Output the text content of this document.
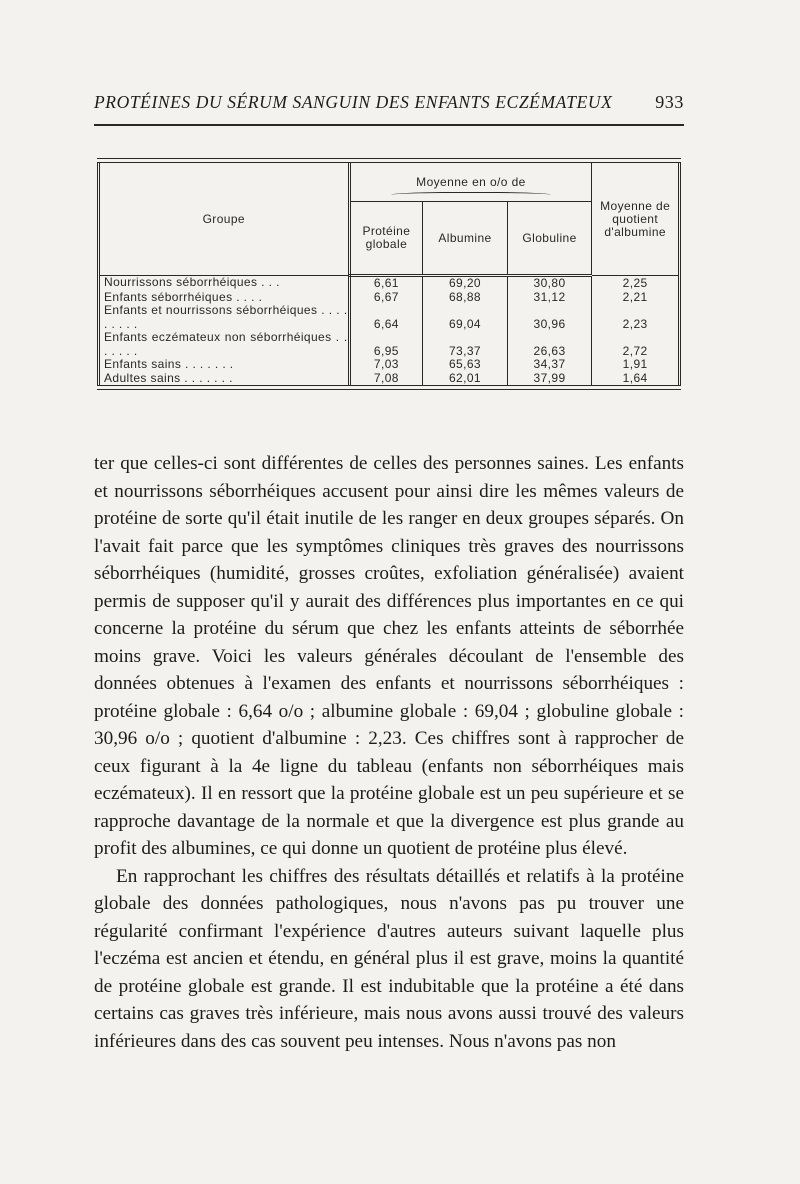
PROTÉINES DU SÉRUM SANGUIN DES ENFANTS ECZÉMATEUX 933
Groupe	Moyenne en o/o de			Moyenne de quotient d'albumine
	Protéine globale	Albumine	Globuline	
Nourrissons séborrhéiques . . .	6,61	69,20	30,80	2,25
Enfants séborrhéiques . . . .	6,67	68,88	31,12	2,21
Enfants et nourrissons séborrhéiques . . . . . . . . .	6,64	69,04	30,96	2,23
Enfants eczémateux non séborrhéiques . . . . . . .	6,95	73,37	26,63	2,72
Enfants sains . . . . . . .	7,03	65,63	34,37	1,91
Adultes sains . . . . . . .	7,08	62,01	37,99	1,64

ter que celles-ci sont différentes de celles des personnes saines. Les enfants et nourrissons séborrhéiques accusent pour ainsi dire les mêmes valeurs de protéine de sorte qu'il était inutile de les ranger en deux groupes séparés. On l'avait fait parce que les symptômes cliniques très graves des nourrissons séborrhéiques (humidité, grosses croûtes, exfoliation généralisée) avaient permis de supposer qu'il y aurait des différences plus importantes en ce qui concerne la protéine du sérum que chez les enfants atteints de séborrhée moins grave. Voici les valeurs générales découlant de l'ensemble des données obtenues à l'examen des enfants et nourrissons séborrhéiques : protéine globale : 6,64 o/o ; albumine globale : 69,04 ; globuline globale : 30,96 o/o ; quotient d'albumine : 2,23. Ces chiffres sont à rapprocher de ceux figurant à la 4e ligne du tableau (enfants non séborrhéiques mais eczémateux). Il en ressort que la protéine globale est un peu supérieure et se rapproche davantage de la normale et que la divergence est plus grande au profit des albumines, ce qui donne un quotient de protéine plus élevé.

En rapprochant les chiffres des résultats détaillés et relatifs à la protéine globale des données pathologiques, nous n'avons pas pu trouver une régularité confirmant l'expérience d'autres auteurs suivant laquelle plus l'eczéma est ancien et étendu, en général plus il est grave, moins la quantité de protéine globale est grande. Il est indubitable que la protéine a été dans certains cas graves très inférieure, mais nous avons aussi trouvé des valeurs inférieures dans des cas souvent peu intenses. Nous n'avons pas non
